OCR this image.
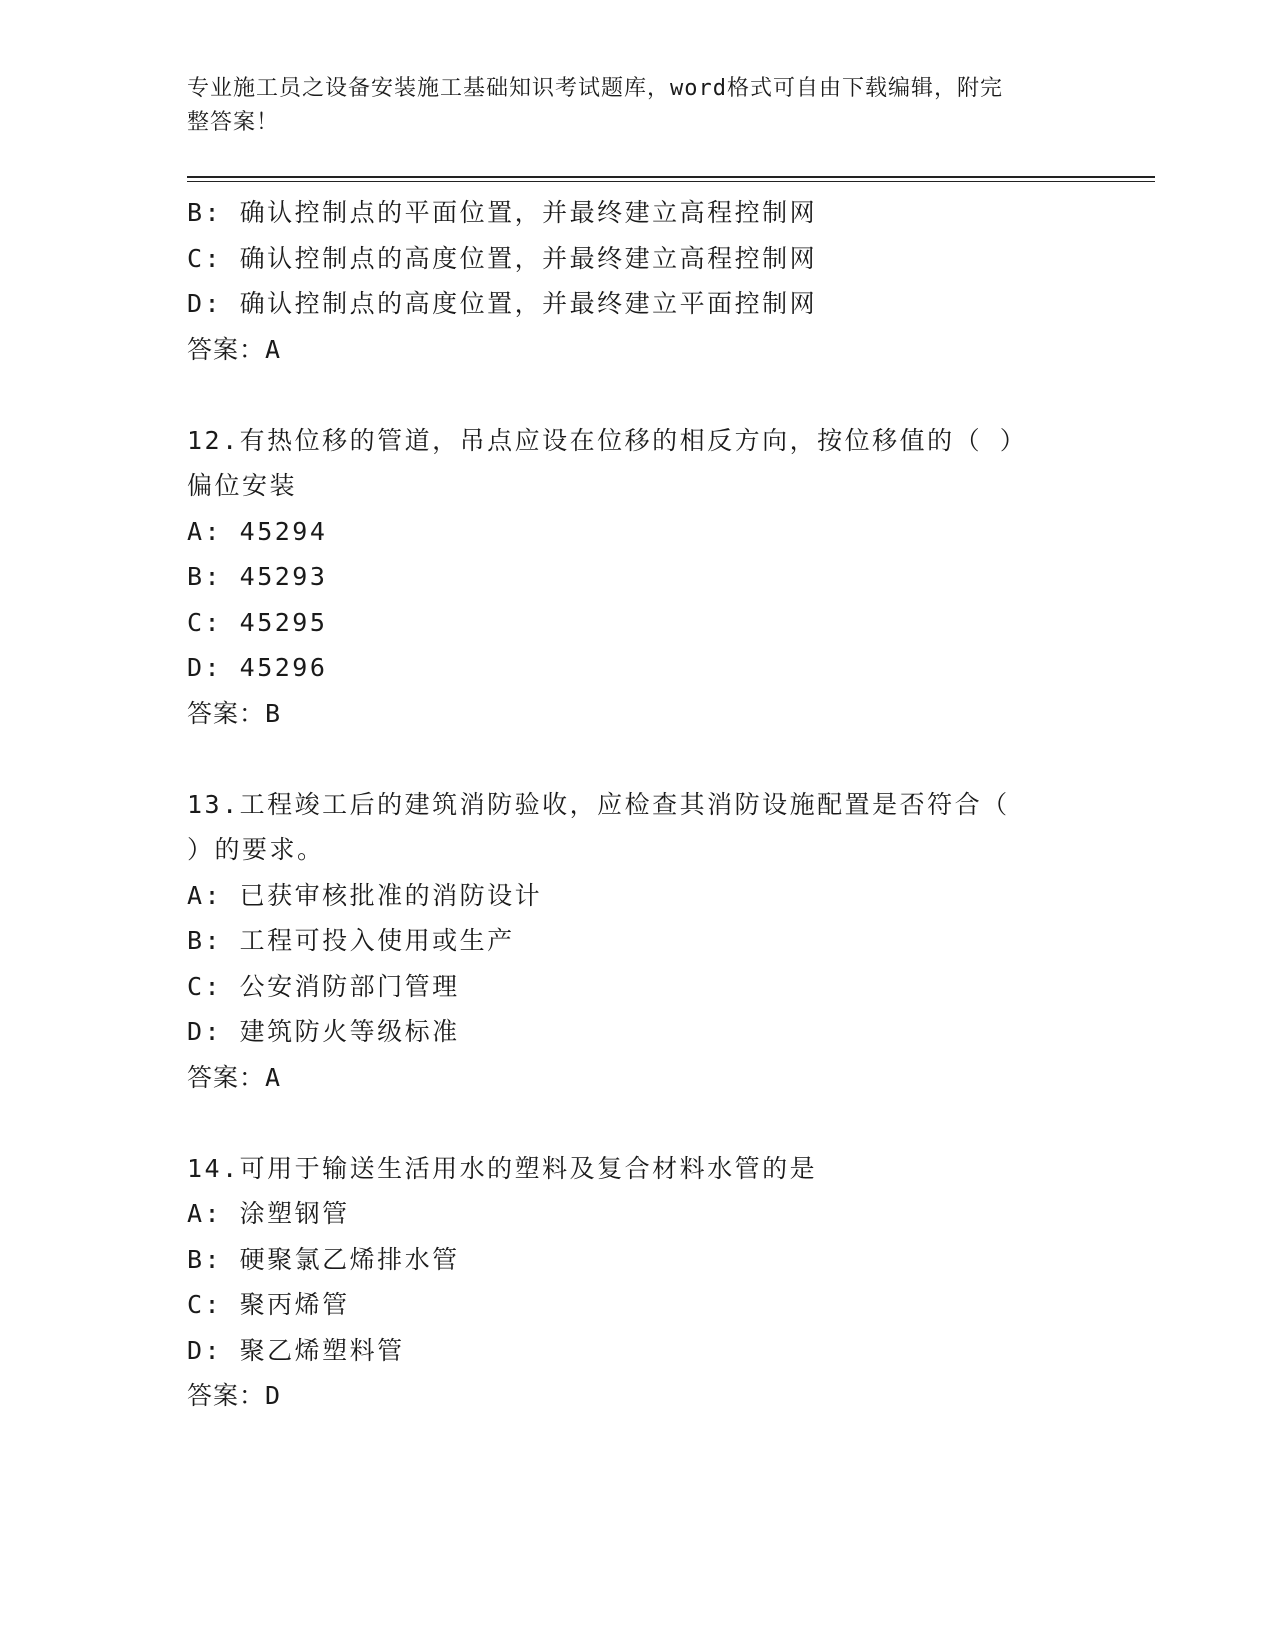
专业施工员之设备安装施工基础知识考试题库，word格式可自由下载编辑，附完
整答案！
B: 确认控制点的平面位置，并最终建立高程控制网
C: 确认控制点的高度位置，并最终建立高程控制网
D: 确认控制点的高度位置，并最终建立平面控制网
答案：A
12.有热位移的管道，吊点应设在位移的相反方向，按位移值的（ ）
偏位安装
A: 45294
B: 45293
C: 45295
D: 45296
答案：B
13.工程竣工后的建筑消防验收，应检查其消防设施配置是否符合（
）的要求。
A: 已获审核批准的消防设计
B: 工程可投入使用或生产
C: 公安消防部门管理
D: 建筑防火等级标准
答案：A
14.可用于输送生活用水的塑料及复合材料水管的是
A: 涂塑钢管
B: 硬聚氯乙烯排水管
C: 聚丙烯管
D: 聚乙烯塑料管
答案：D
